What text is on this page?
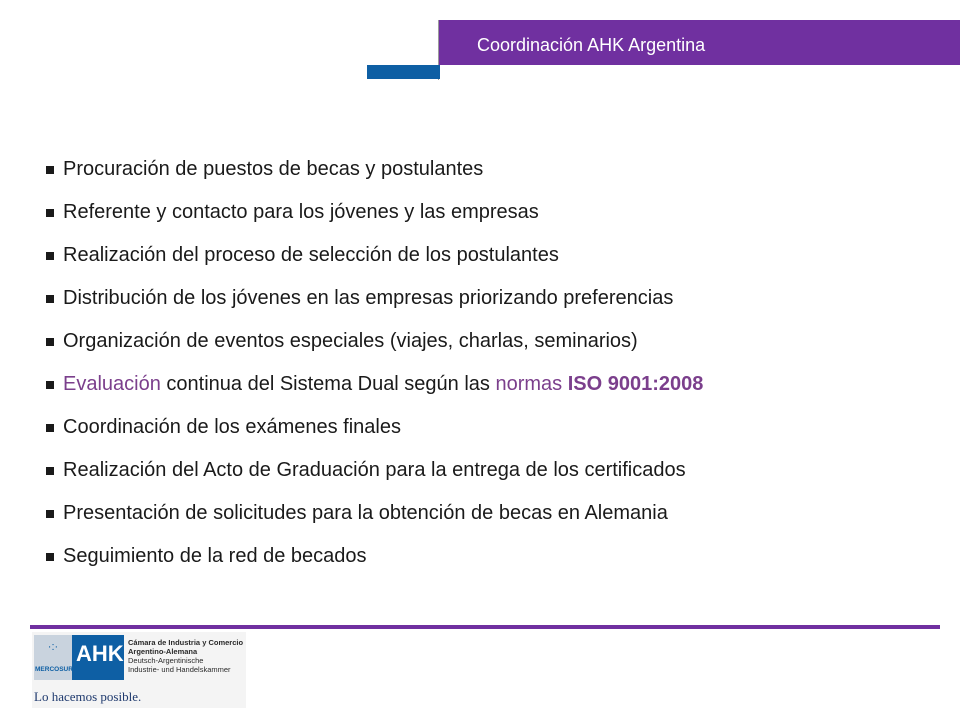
Coordinación AHK Argentina
Procuración de puestos de becas y postulantes
Referente y contacto para los jóvenes y las empresas
Realización del proceso de selección de los postulantes
Distribución de los jóvenes en las empresas priorizando preferencias
Organización de eventos especiales (viajes, charlas, seminarios)
Evaluación continua del Sistema Dual según las normas ISO 9001:2008
Coordinación de los exámenes finales
Realización del Acto de Graduación para la entrega de los certificados
Presentación de solicitudes para la obtención de becas en Alemania
Seguimiento de la red de becados
·:·
MERCOSUR
AHK Cámara de Industria y Comercio
Argentino-Alemana
Deutsch-Argentinische
Industrie- und Handelskammer
Lo hacemos posible.
